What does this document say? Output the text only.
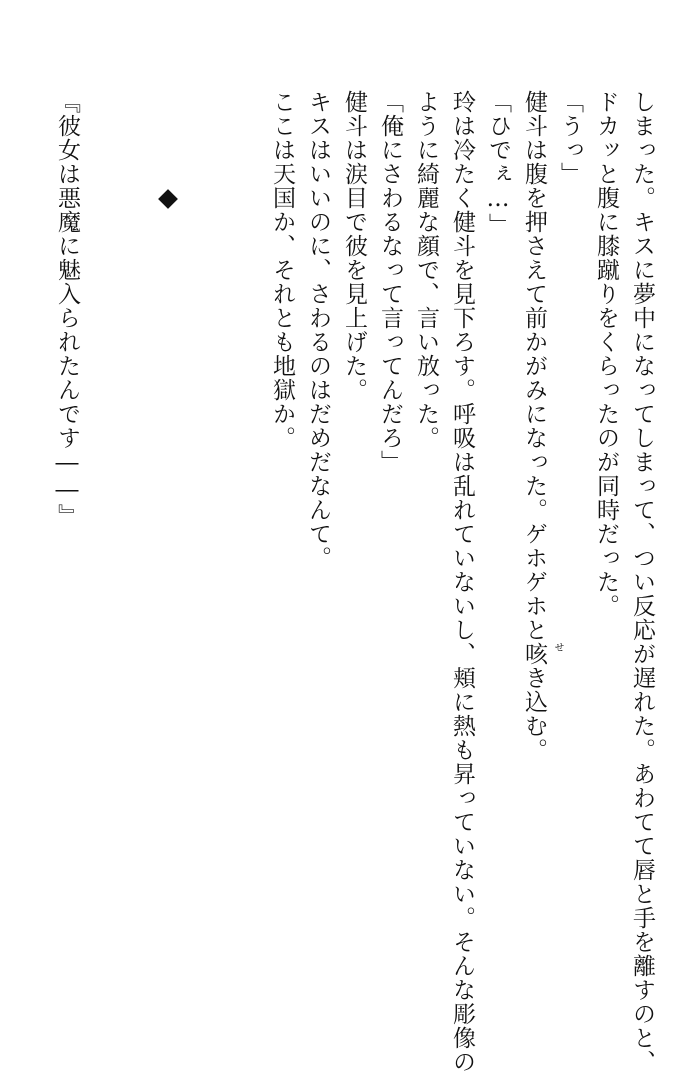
しまった。キスに夢中になってしまって、つい反応が遅れた。あわてて唇と手を離すのと、
ドカッと腹に膝蹴りをくらったのが同時だった。
「うっ」
健斗は腹を押さえて前かがみになった。ゲホゲホと咳 せ
き込む。
「ひでぇ…」
玲は冷たく健斗を見下ろす。呼吸は乱れていないし、頬に熱も昇っていない。そんな彫像の
ように綺麗な顔で、言い放った。
「俺にさわるなって言ってんだろ」
健斗は涙目で彼を見上げた。
キスはいいのに、さわるのはだめだなんて。
ここは天国か、それとも地獄か。
『彼女は悪魔に魅入られたんです――』
